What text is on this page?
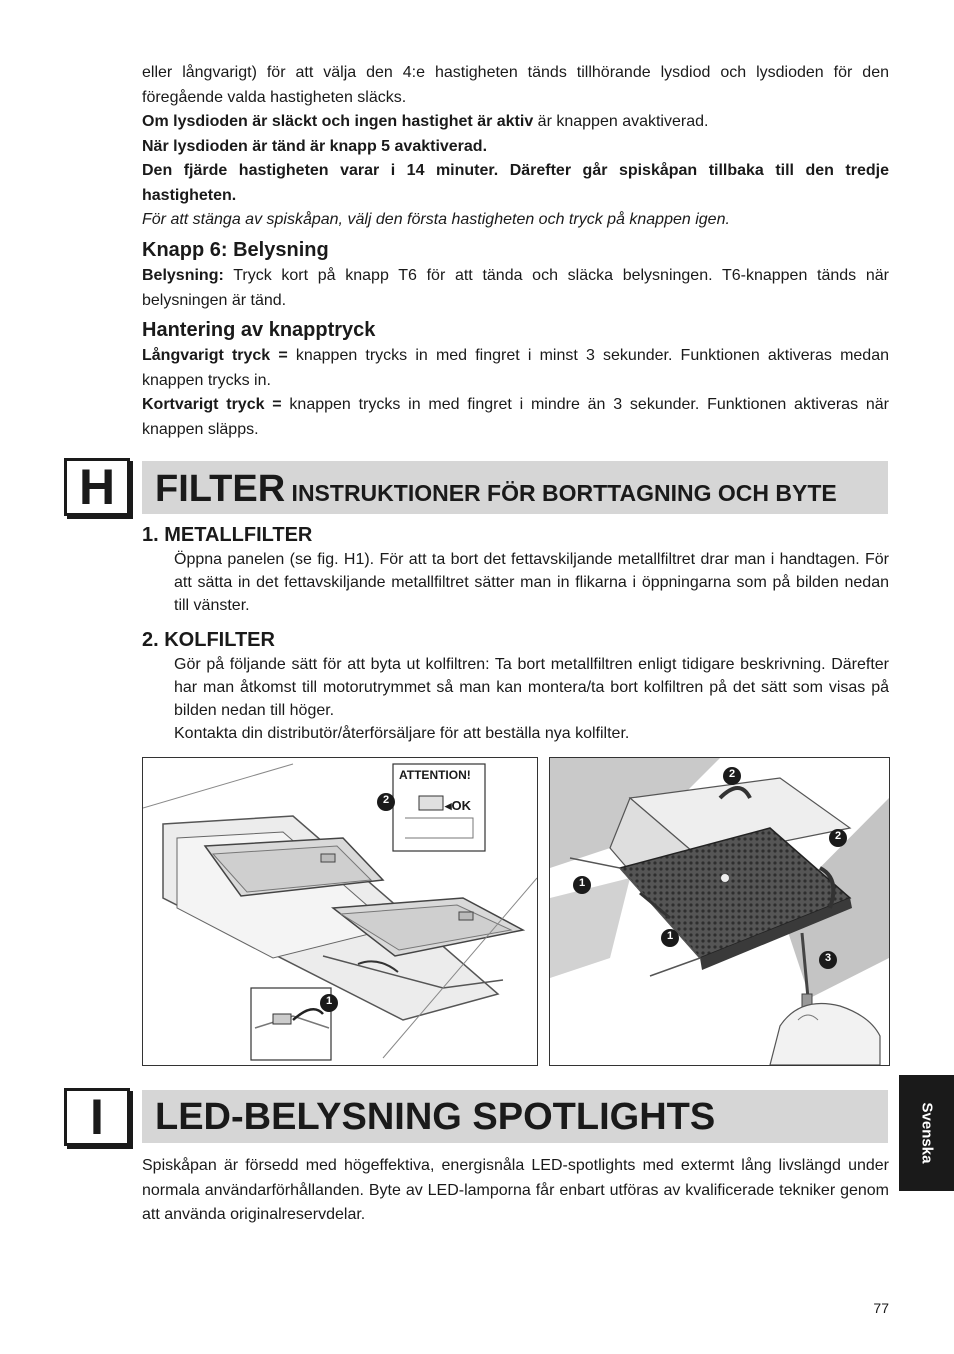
eller långvarigt) för att välja den 4:e hastigheten tänds tillhörande lysdiod och lysdioden för den föregående valda hastigheten släcks.

Om lysdioden är släckt och ingen hastighet är aktiv är knappen avaktiverad.

När lysdioden är tänd är knapp 5 avaktiverad.

Den fjärde hastigheten varar i 14 minuter. Därefter går spiskåpan tillbaka till den tredje hastigheten.

För att stänga av spiskåpan, välj den första hastigheten och tryck på knappen igen.

Knapp 6: Belysning

Belysning: Tryck kort på knapp T6 för att tända och släcka belysningen. T6-knappen tänds när belysningen är tänd.

Hantering av knapptryck

Långvarigt tryck = knappen trycks in med fingret i minst 3 sekunder. Funktionen aktiveras medan knappen trycks in.

Kortvarigt tryck = knappen trycks in med fingret i mindre än 3 sekunder. Funktionen aktiveras när knappen släpps.

H	FILTER INSTRUKTIONER FÖR BORTTAGNING OCH BYTE
1. METALLFILTER
Öppna panelen (se fig. H1). För att ta bort det fettavskiljande metallfiltret drar man i handtagen. För att sätta in det fettavskiljande metallfiltret sätter man in flikarna i öppningarna som på bilden nedan till vänster.
2. KOLFILTER

Gör på följande sätt för att byta ut kolfiltren: Ta bort metallfiltren enligt tidigare beskrivning. Därefter har man åtkomst till motorutrymmet så man kan montera/ta bort kolfiltren på det sätt som visas på bilden nedan till höger.

Kontakta din distributör/återförsäljare för att beställa nya kolfilter.

ATTENTION!
◂OK
2
1
2
2
1
1
3
I	LED-BELYSNING SPOTLIGHTS
Spiskåpan är försedd med högeffektiva, energisnåla LED-spotlights med extermt lång livslängd under normala användarförhållanden. Byte av LED-lamporna får enbart utföras av kvalificerade tekniker genom att använda originalreservdelar.
Svenska
77
